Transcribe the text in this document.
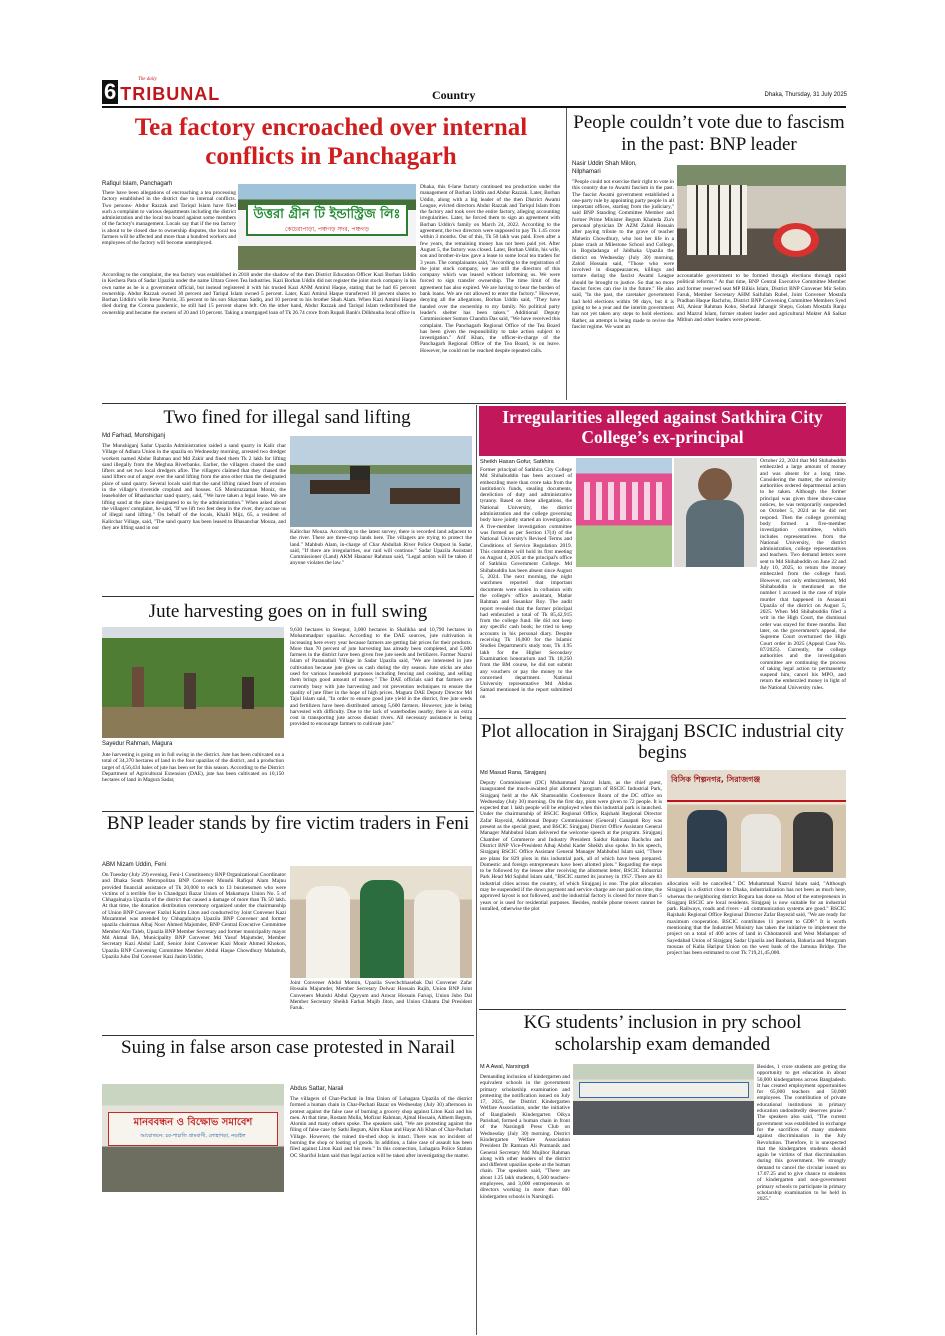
6 TRIBUNAL
The daily
Country	Dhaka, Thursday, 31 July 2025
Tea factory encroached over internal conflicts in Panchagarh
Rafiqul Islam, Panchagarh

There have been allegations of encroaching a tea processing factory established in the district due to internal conflicts. Two persons- Abdur Razzak and Tariqul Islam have filed such a complaint to various departments including the district administration and the local tea board against some members of the factory's management. Locals say that if the tea factory is about to be closed due to ownership disputes, the local tea farmers will be affected and more than a hundred workers and employees of the factory will become unemployed.

উত্তরা গ্রীন টি ইন্ডাস্ট্রিজ লিঃ
কেচেরাপাড়া, পঞ্চগড় সদর, পঞ্চগড়

According to the complaint, the tea factory was established in 2018 under the shadow of the then District Education Officer Kazi Borhan Uddin in Kechera Para of Sadar Upazila under the name Uttara Green Tea Industries. Kazi Borhan Uddin did not register the joint stock company in his own name as he is a government official, but instead registered it with his trusted Kazi ANM Amirul Haque, stating that he had 65 percent ownership. Abdur Razzak owned 30 percent and Tariqul Islam owned 5 percent. Later, Kazi Amirul Haque transferred 10 percent shares to Borhan Uddin's wife Irene Parvin, 35 percent to his son Shayman Sadiq, and 10 percent to his brother Shah Alam. When Kazi Amirul Haque died during the Corona pandemic, he still had 15 percent shares left. On the other hand, Abdur Razzak and Tariqul Islam redistributed the ownership and became the owners of 20 and 10 percent. Taking a mortgaged loan of Tk 26.74 crore from Rupali Bank's Dilkhusha local office in

Dhaka, this 6-lane factory continued tea production under the management of Borhan Uddin and Abdur Razzak. Later, Borhan Uddin, along with a big leader of the then District Awami League, evicted directors Abdur Razzak and Tariqul Islam from the factory and took over the entire factory, alleging accounting irregularities. Later, he forced them to sign an agreement with Borhan Uddin's family on March 24, 2022. According to the agreement, the two directors were supposed to pay Tk 1.45 crore within 3 months. Out of this, Tk 50 lakh was paid. Even after a few years, the remaining money has not been paid yet. After August 5, the factory was closed. Later, Borhan Uddin, his wife, son and brother-in-law gave a lease to some local tea traders for 3 years. The complainants said, "According to the registration of the joint stock company, we are still the directors of this company which was leased without informing us. We were forced to sign transfer ownership. The time limit of the agreement has also expired. We are having to bear the burden of bank loans. We are not allowed to enter the factory." However, denying all the allegations, Borhan Uddin said, "They have handed over the ownership to my family. No political party leader's shelter has been taken." Additional Deputy Commissioner Sumon Chandra Das said, "We have received this complaint. The Panchagarh Regional Office of the Tea Board has been given the responsibility to take action subject to investigation." Arif Khan, the officer-in-charge of the Panchagarh Regional Office of the Tea Board, is on leave. However, he could not be reached despite repeated calls.

People couldn’t vote due to fascism in the past: BNP leader
Nasir Uddin Shah Milon,
Nilphamari

"People could not exercise their right to vote in this country due to Awami fascism in the past. The fascist Awami government established a one-party rule by appointing party people in all important offices, starting from the judiciary," said BNP Standing Committee Member and former Prime Minister Begum Khaleda Zia's personal physician Dr AZM Zahid Hossain after paying tribute to the grave of teacher Mahetin Chowdhury, who lost her life in a plane crash at Milestone School and College, in Boguladanga of Jaldhaka Upazila the district on Wednesday (July 30) morning. Zahid Hossain said, "Those who were involved in disappearances, killings and torture during the fascist Awami League should be brought to justice. So that no more fascist forces can rise in the future." He also said, "In the past, the caretaker government had held elections within 90 days, but it is going to be a year and the interim government has not yet taken any steps to hold elections. Rather, an attempt is being made to revive the fascist regime. We want an

accountable government to be formed through elections through rapid political reforms." At that time, BNP Central Executive Committee Member and former reserved seat MP Bilkis Islam, District BNP Convener Mir Selim Faruk, Member Secretary AHM Saifullah Rubel, Joint Convener Mostafa Pradhan Haque Bachchu, District BNP Convening Committee Members Syed Ali, Anisur Rahman Koko, Shefaul Jahangir Shepu, Golam Mostafa Ranju and Mazrul Islam, former student leader and agricultural Mokter Ali Saikat Mithun and other leaders were present.

Two fined for illegal sand lifting
Md Farhad, Munshiganj

The Munshiganj Sadar Upazila Administration raided a sand quarry in Kalir char Village of Adhara Union in the upazila on Wednesday morning, arrested two dredger workers named Abdur Rahman and Md Zakir and fined them Tk 2 lakh for lifting sand illegally from the Meghna Riverbanks. Earlier, the villagers chased the sand lifters and set two local dredgers afire. The villagers claimed that they chased the sand lifters out of anger over the sand lifting from the area other than the designated place of sand quarry. Several locals said that the sand lifting raised fears of erosion in the village's riverside cropland and houses. GS Moniruzzaman Moniz, the leaseholder of Bhashanchar sand quarry, said, "We have taken a legal lease. We are lifting sand at the place designated to us by the administration." When asked about the villagers' complaint, he said, "If we lift two feet deep in the river, they accuse us of illegal sand lifting." On behalf of the locals, Khalil Mijz, 65, a resident of Kalirchar Village, said, "The sand quarry has been leased to Bhasanchar Mouza, and they are lifting sand in our

Kalirchar Mouza. According to the latest survey, there is recorded land adjacent to the river. There are three-crop lands here. The villagers are trying to protect the land." Mahbub Alam, in-charge of Char Abdullah River Police Outpost in Sadar, said, "If there are irregularities, our raid will continue." Sadar Upazila Assistant Commissioner (Land) AKM Hasanur Rahman said, "Legal action will be taken if anyone violates the law."

Irregularities alleged against Satkhira City College’s ex-principal
Sheikh Hasan Gofur, Satkhira

Former principal of Satkhira City College Md Shihabuddin has been accused of embezzling more than crore taka from the institution's funds, stealing documents, dereliction of duty and administrative tyranny. Based on these allegations, the National University, the district administration and the college governing body have jointly started an investigation. A five-member investigation committee was formed as per Section 17(4) of the National University's Revised Terms and Conditions of Service Regulation 2019. This committee will hold its first meeting on August 4, 2025 at the principal's office of Satkhira Government College. Md Shihabuddin has been absent since August 5, 2024. The next morning, the night watchmen reported that important documents were stolen in collusion with the college's office assistant, Matiar Rahman and Susankar Roy. The audit report revealed that the former principal had embezzled a total of Tk 85,42,915 from the college fund. He did not keep any specific cash book; he tried to keep accounts in his personal diary. Despite receiving Tk 16,000 for the Islamic Studies Department's study tour, Tk 4.95 lakh for the Higher Secondary Examination honorarium and Tk 18,250 from the BM course, he did not submit any vouchers or pay the money to the concerned department. National University representative Md Abdus Samad mentioned in the report submitted on

October 22, 2024 that Md Shihabuddin embezzled a large amount of money and was absent for a long time. Considering the matter, the university authorities ordered departmental action to be taken. Although the former principal was given three show-cause notices, he was temporarily suspended on October 5, 2024 as he did not respond. Then the college governing body formed a five-member investigation committee, which includes representatives from the National University, the district administration, college representatives and teachers. Two demand letters were sent to Md Shihabuddin on June 22 and July 10, 2025, to return the money embezzled from the college fund. However, not only embezzlement, Md Shihabuddin is mentioned as the number 1 accused in the case of triple murder that happened in Assasuni Upazila of the district on August 5, 2025. When Md Shihabuddin filed a writ in the High Court, the dismissal order was stayed for three months. But later, on the government's appeal, the Supreme Court overturned the High Court order in 2025 (Appeal Case No. 87/2025). Currently, the college authorities and the investigation committee are continuing the process of taking legal action to permanently suspend him, cancel his MPO, and return the embezzled money in light of the National University rules.

Jute harvesting goes on in full swing
Sayedur Rahman, Magura

Jute harvesting is going on in full swing in the district. Jute has been cultivated on a total of 34,370 hectares of land in the four upazilas of the district, and a production target of 4,56,434 bales of jute has been set for this season. According to the District Department of Agricultural Extension (DAE), jute has been cultivated on 10,150 hectares of land in Magura Sadar,

9,630 hectares in Sreepur, 3,000 hectares in Shalikha and 10,790 hectares in Mohammadpur upazilas. According to the DAE sources, jute cultivation is increasing here every year because farmers are getting fair prices for their products. More than 70 percent of jute harvesting has already been completed, and 5,000 farmers in the district have been given free jute seeds and fertilizers. Farmer Nazrul Islam of Paranadiali Village in Sadar Upazila said, "We are interested in jute cultivation because jute gives us cash during the dry season. Jute sticks are also used for various household purposes including fencing and cooking, and selling them brings good amount of money." The DAE officials said that farmers are currently busy with jute harvesting and rot prevention techniques to ensure the quality of jute fiber in the hope of high prices. Magura DAE Deputy Director Md Tajul Islam said, "In order to ensure good jute yield in the district, free jute seeds and fertilizers have been distributed among 5,600 farmers. However, jute is being harvested with difficulty. Due to the lack of waterbodies nearby, there is an extra cost in transporting jute across distant rivers. All necessary assistance is being provided to encourage farmers to cultivate jute."	Plot allocation in Sirajganj BSCIC industrial city begins
Md Masud Rana, Sirajganj

Deputy Commissioner (DC) Muhammad Nazrul Islam, as the chief guest, inaugurated the much-awaited plot allotment program of BSCIC Industrial Park, Sirajganj held at the AK Shamsuddin Conference Room of the DC office on Wednesday (July 30) morning. On the first day, plots were given to 72 people. It is expected that 1 lakh people will be employed when this industrial park is launched. Under the chairmanship of BSCIC Regional Office, Rajshahi Regional Director Zafar Bayezid, Additional Deputy Commissioner (General) Ganapati Roy was present as the special guest, and BSCIC Sirajganj District Office Assistant General Manager Mahbubul Islam delivered the welcome speech at the program. Sirajganj Chamber of Commerce and Industry President Saidur Rahman Bachchu and District BNP Vice-President Alhaj Abdul Kader Sheikh also spoke. In his speech, Sirajganj BSCIC Office Assistant General Manager Mahbubul Islam said, "There are plans for 829 plots in this industrial park, all of which have been prepared. Domestic and foreign entrepreneurs have been allotted plots." Regarding the steps to be followed by the lessee after receiving the allotment letter, BSCIC Industrial Park Head Md Sajidul Islam said, "BSCIC started its journey in 1957. There are 83 industrial cities across the country, of which Sirajganj is one. The plot allocation may be suspended if the down payment and service charge are not paid on time, the approved layout is not followed, and the industrial factory is closed for more than 5 years or is used for residential purposes. Besides, mobile phone towers cannot be installed, otherwise the plot

বিসিক শিল্পনগর, সিরাজগঞ্জ

allocation will be cancelled." DC Muhammad Nazrul Islam said, "Although Sirajganj is a district close to Dhaka, industrialization has not been as much here, whereas the neighboring district Bogura has done so. Most of the entrepreneurs in Sirajganj BSCIC are local residents. Sirajganj is now suitable for an industrial park. Railways, roads and rivers - all communication systems are good." BSCIC Rajshahi Regional Office Regional Director Zafar Bayezid said, "We are ready for maximum cooperation. BSCIC contributes 11 percent to GDP." It is worth mentioning that the Industries Ministry has taken the initiative to implement the project on a total of 400 acres of land in Chhotatoroli and West Mohanpur of Sayedabad Union of Sirajganj Sadar Upazila and Banbaria, Bahuria and Morgram mouzas of Kalia Haripur Union on the west bank of the Jamuna Bridge. The project has been estimated to cost Tk 719,21,45,000.

BNP leader stands by fire victim traders in Feni
ABM Nizam Uddin, Feni

On Tuesday (July 29) evening, Feni-1 Constituency BNP Organizational Coordinator and Dhaka South Metropolitan BNP Convener Munshi Rafiqul Alam Majnu provided financial assistance of Tk 20,000 to each to 13 businessmen who were victims of a terrible fire in Chandgazi Bazar Union of Mahamaya Union No. 5 of Chhagalnaiya Upazila of the district that caused a damage of more than Tk 50 lakh. At that time, the donation distribution ceremony organized under the chairmanship of Union BNP Convener Fazlul Karim Liton and conducted by Joint Convener Kazi Mozammel was attended by Chhagalnaiya Upazila BNP Convener and former upazila chairman Alhaj Noor Ahmed Majumder, BNP Central Executive Committee Member Abu Taleb, Upazila BNP Member Secretary and former municipality mayor Md Akmal BA, Municipality BNP Convener Md Yusuf Majumder, Member Secretary Kazi Abdul Latif, Senior Joint Convener Kazi Monir Ahmed Khokon, Upazila BNP Convening Committee Member Abdul Haque Chowdhury Mahabub, Upazila Jubo Dal Convener Kazi Jasim Uddin,

Joint Convener Abdul Momin, Upazila Swechchhasebak Dal Convener Zafar Hossain Majumder, Member Secretary Delwar Hossain Rajib, Union BNP Joint Conveners Munshi Abdul Qayyum and Anwar Hossain Faruqi, Union Jubo Dal Member Secretary Sheikh Farhat Mujib Jiton, and Union Chhatra Dal President Faruk.

Suing in false arson case protested in Narail
মানববন্ধন ও বিক্ষোভ সমাবেশ
আয়োজনে: চর-পাচাতি গ্রামবাসী, লোহাগড়া, নড়াইল
Abdus Sattar, Narail

The villagers of Char-Pachati in Itna Union of Lohagara Upazila of the district formed a human chain in Char-Pachati Bazar on Wednesday (July 30) afternoon in protest against the false case of burning a grocery shop against Liton Kazi and his men. At that time, Rostam Molla, Mofizur Rahman, Ajmal Hossain, Althem Begum, Alomin and many others spoke. The speakers said, "We are protesting against the filing of false case by Sathi Begum, Alim Khan and Hayat Ali Khan of Char-Pachati Village. However, the ruined tin-shed shop is intact. There was no incident of burning the shop or looting of goods. In addition, a false case of assault has been filed against Liton Kazi and his men." In this connection, Lohagara Police Station OC Shariful Islam said that legal action will be taken after investigating the matter.

KG students’ inclusion in pry school scholarship exam demanded
M A Awal, Narsingdi

Demanding inclusion of kindergarten and equivalent schools in the government primary scholarship examination and protesting the notification issued on July 17, 2025, the District Kindergarten Welfare Association, under the initiative of Bangladesh Kindergarten Oikya Parishad, formed a human chain in front of the Narsingdi Press Club on Wednesday (July 30) morning. District Kindergarten Welfare Association President Dr Ramzan Ali Pramanik and General Secretary Md Mujibor Rahman along with other leaders of the district and different upazilas spoke at the human chain. The speakers said, "There are about 1.25 lakh students, 6,500 teachers-employees, and 3,000 entrepreneurs or directors working in more than 600 kindergarten schools in Narsingdi.

Besides, 1 crore students are getting the opportunity to get education in about 50,000 kindergartens across Bangladesh. It has created employment opportunities for 65,000 teachers and 50,000 employees. The contribution of private educational institutions in primary education undoubtedly deserves praise." The speakers also said, "The current government was established in exchange for the sacrifices of many students against discrimination in the July Revolution. Therefore, it is unexpected that the kindergarten students should again be victims of that discrimination during this government. We strongly demand to cancel the circular issued on 17.07.25 and to give chance to students of kindergarten and non-government primary schools to participate in primary scholarship examination to be held in 2025."
